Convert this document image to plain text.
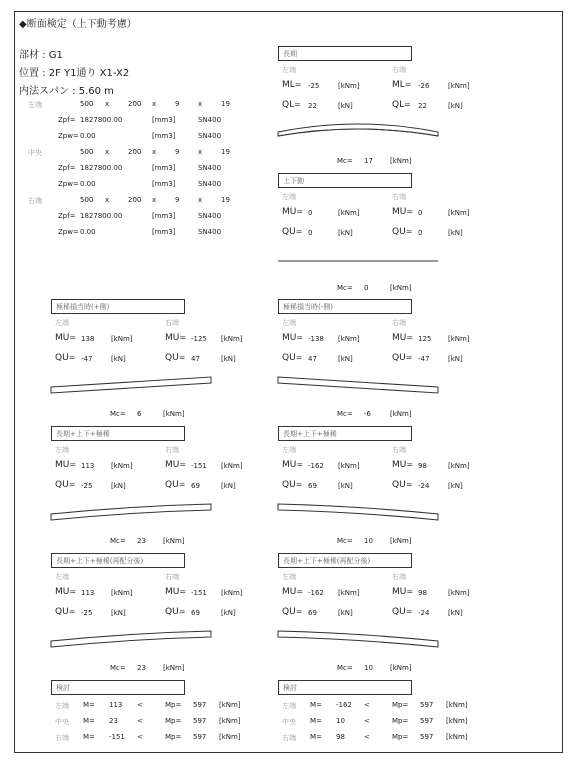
◆断面検定（上下動考慮）
部材 : G1
位置 : 2F Y1通り X1-X2
内法スパン : 5.60 m
左端	500 x	200 x	9	x	19
Zpf= 1827800.00	[mm3]	SN400
Zpw= 0.00	[mm3]	SN400
中央	500 x	200 x	9	x	19
Zpf= 1827800.00	[mm3]	SN400
Zpw= 0.00	[mm3]	SN400
右端	500 x	200 x	9	x	19
Zpf= 1827800.00	[mm3]	SN400
Zpw= 0.00	[mm3]	SN400
長期
左端	右端
ML= -25	[kNm]	ML= -26	[kNm]
QL= 22	[kN]	QL= 22	[kN]
Mc= 17 [kNm]
上下動
左端	右端
MU= 0	[kNm]	MU= 0	[kNm]
QU= 0	[kN]	QU= 0	[kN]
Mc= 0	[kNm]
極稀損当時(+側)
左端	右端
MU= 138 [kNm]	MU= -125 [kNm]
QU= -47	[kN]	QU= 47	[kN]
Mc= 6	[kNm]
極稀損当時(-側)
左端	右端
MU= -138 [kNm]	MU= 125 [kNm]
QU= 47	[kN]	QU= -47	[kN]
Mc= -6	[kNm]
長期+上下+極稀
左端	右端
MU= 113 [kNm]	MU= -151 [kNm]
QU= -25	[kN]	QU= 69	[kN]
Mc= 23 [kNm]
長期+上下+極稀
左端	右端
MU= -162 [kNm]	MU= 98	[kNm]
QU= 69	[kN]	QU= -24	[kN]
Mc= 10 [kNm]
長期+上下+極稀(再配分後)
左端	右端
MU= 113 [kNm]	MU= -151 [kNm]
QU= -25	[kN]	QU= 69	[kN]
Mc= 23 [kNm]
長期+上下+極稀(再配分後)
左端	右端
MU= -162 [kNm]	MU= 98	[kNm]
QU= 69	[kN]	QU= -24	[kN]
Mc= 10 [kNm]
検討
左端 M= 113 <	Mp= 597 [kNm]
中央 M= 23	<	Mp= 597 [kNm]
右端 M= -151 <	Mp= 597 [kNm]
検討
左端 M= -162 <	Mp= 597 [kNm]
中央 M= 10	<	Mp= 597 [kNm]
右端 M= 98	<	Mp= 597 [kNm]
